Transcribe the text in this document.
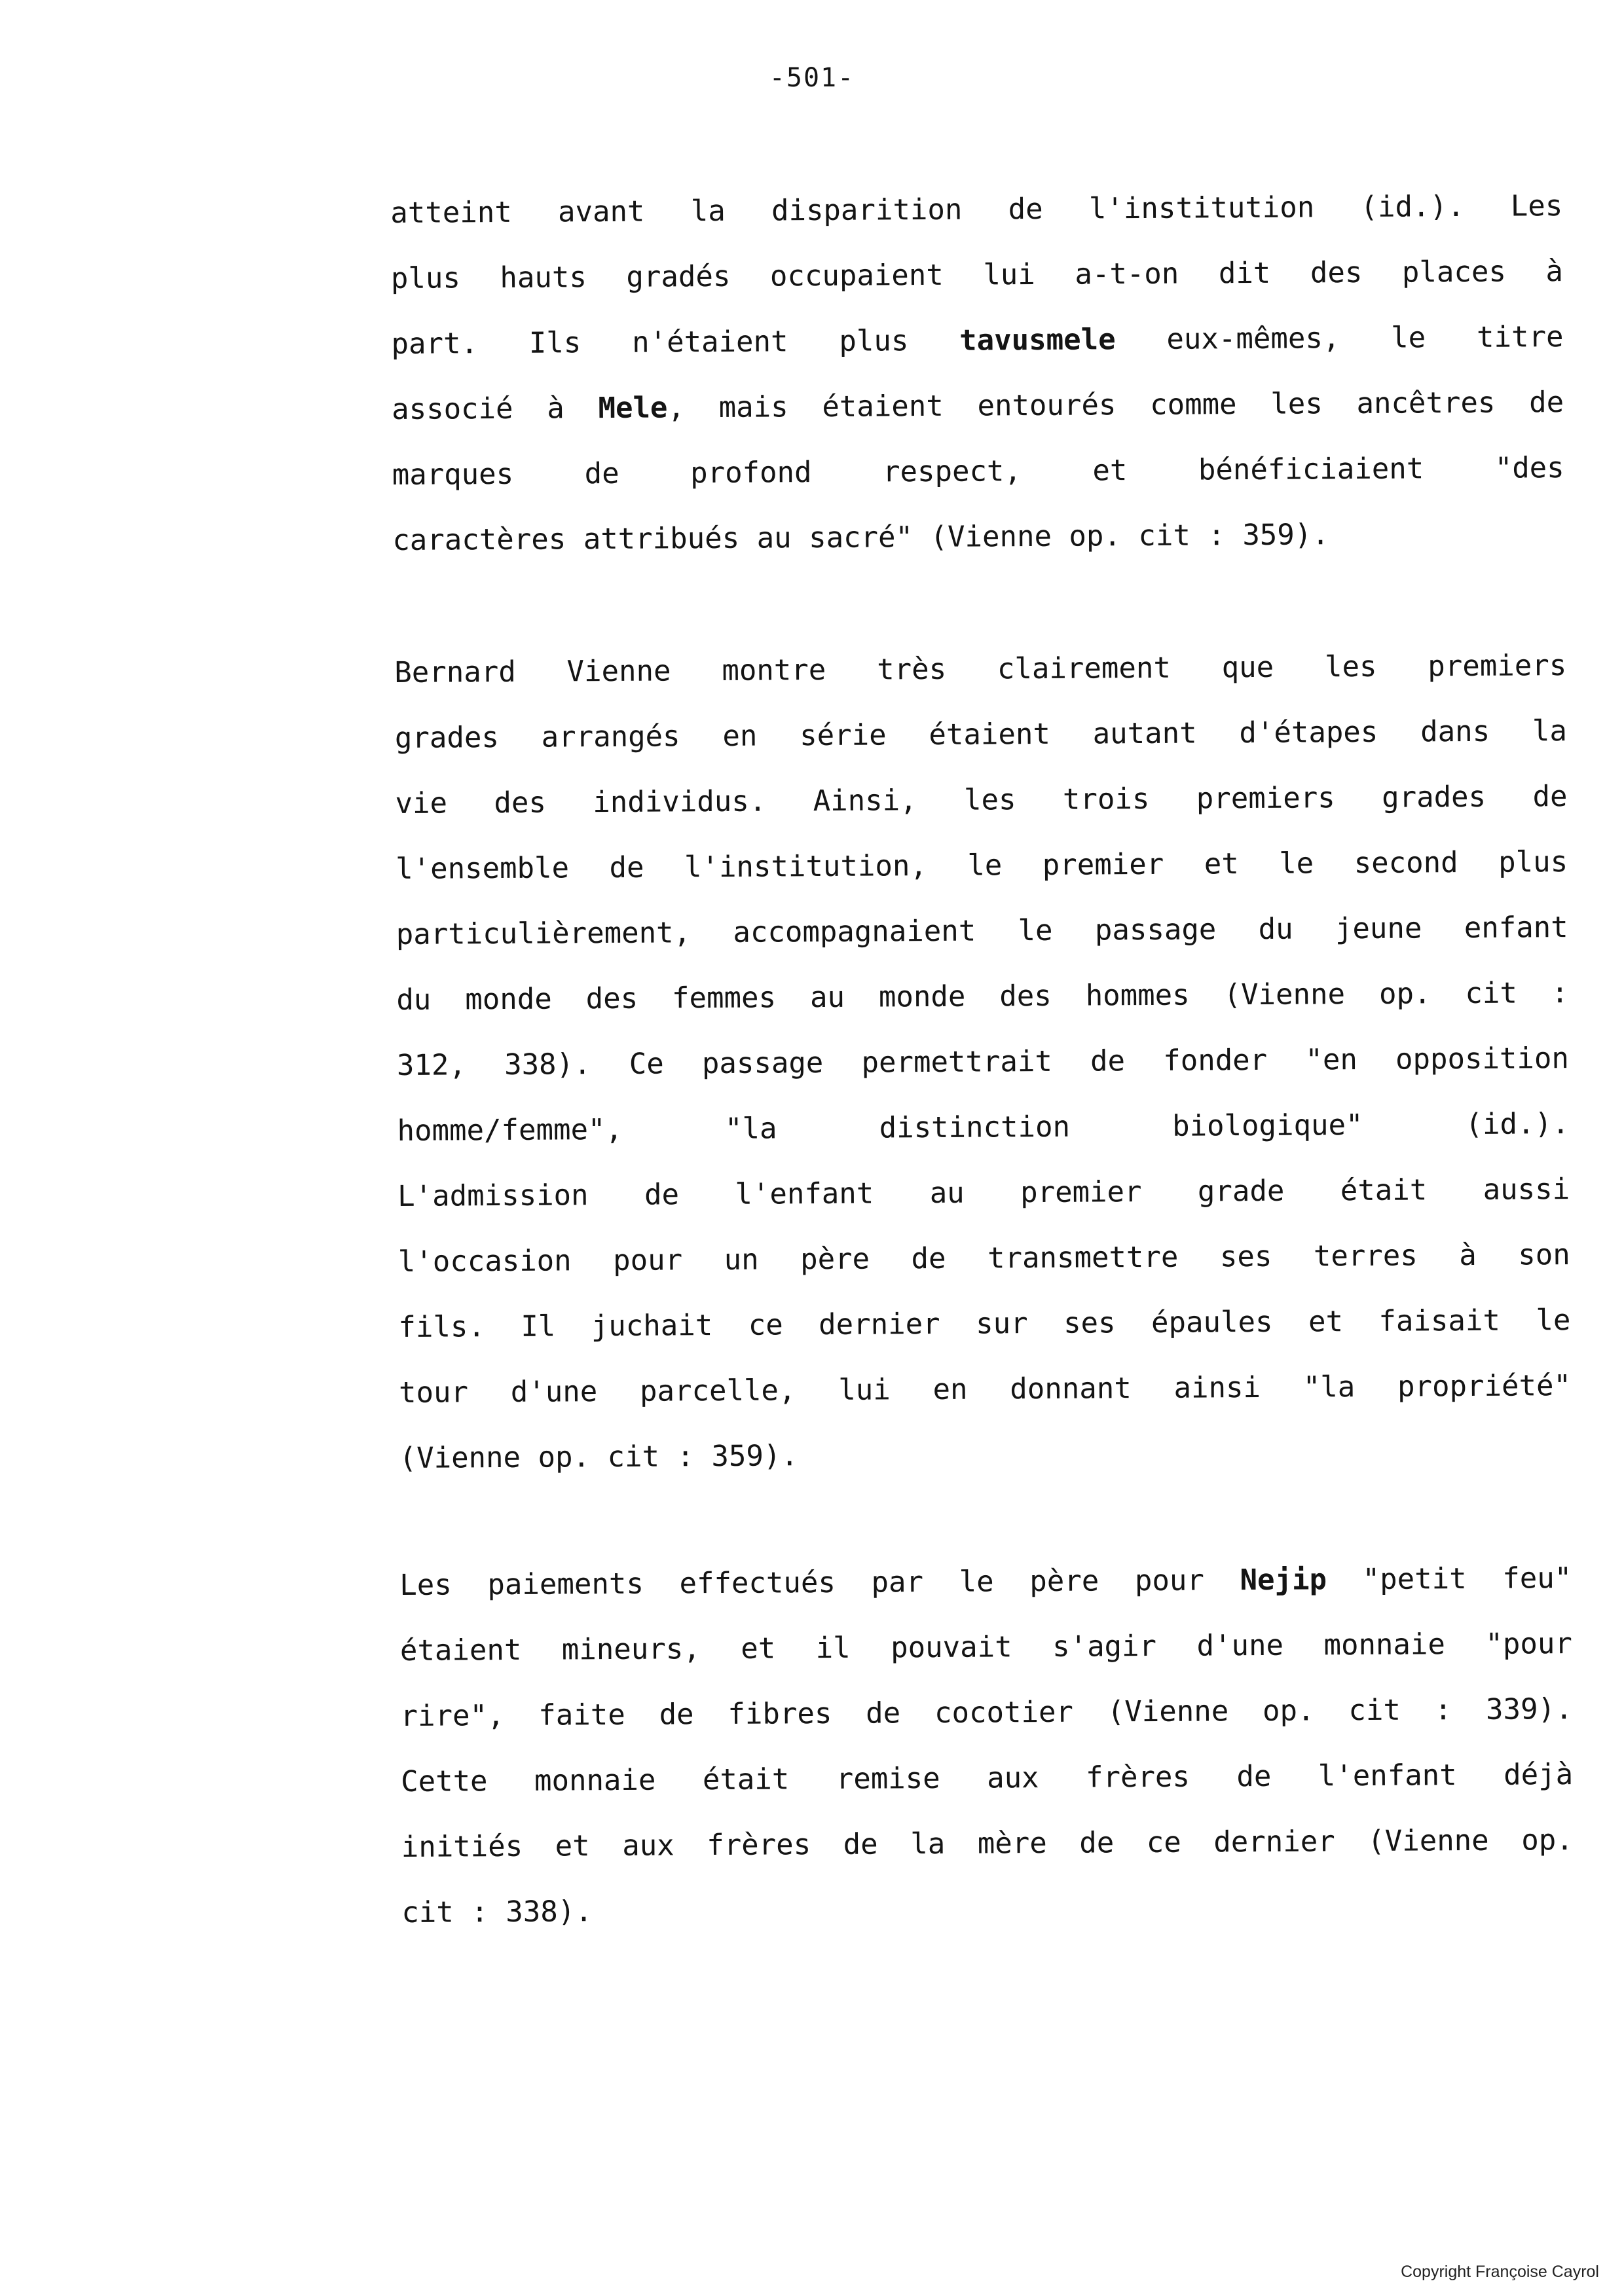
-501-
atteint avant la disparition de l'institution (id.). Les
plus hauts gradés occupaient lui a-t-on dit des places à
part. Ils n'étaient plus tavusmele eux-mêmes, le titre
associé à Mele, mais étaient entourés comme les ancêtres de
marques de profond respect, et bénéficiaient "des
caractères attribués au sacré" (Vienne op. cit : 359).
Bernard Vienne montre très clairement que les premiers
grades arrangés en série étaient autant d'étapes dans la
vie des individus. Ainsi, les trois premiers grades de
l'ensemble de l'institution, le premier et le second plus
particulièrement, accompagnaient le passage du jeune enfant
du monde des femmes au monde des hommes (Vienne op. cit :
312, 338). Ce passage permettrait de fonder "en opposition
homme/femme", "la distinction biologique" (id.).
L'admission de l'enfant au premier grade était aussi
l'occasion pour un père de transmettre ses terres à son
fils. Il juchait ce dernier sur ses épaules et faisait le
tour d'une parcelle, lui en donnant ainsi "la propriété"
(Vienne op. cit : 359).
Les paiements effectués par le père pour Nejip "petit feu"
étaient mineurs, et il pouvait s'agir d'une monnaie "pour
rire", faite de fibres de cocotier (Vienne op. cit : 339).
Cette monnaie était remise aux frères de l'enfant déjà
initiés et aux frères de la mère de ce dernier (Vienne op.
cit : 338).
Copyright Françoise Cayrol
